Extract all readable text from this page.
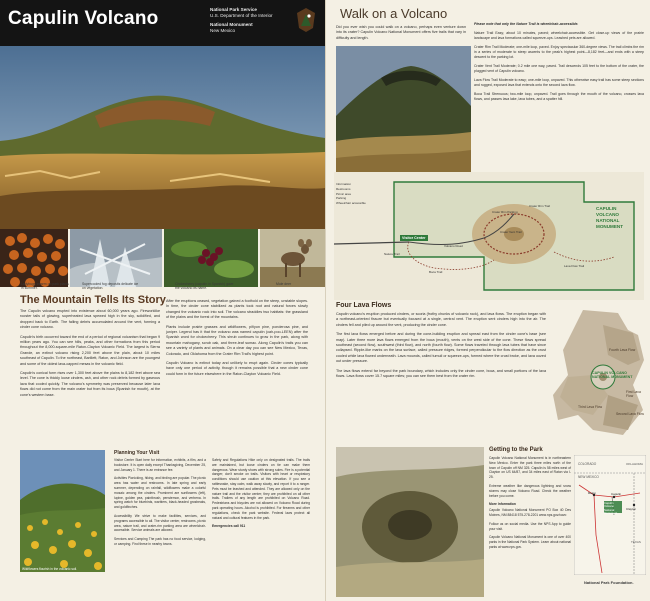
Capulin Volcano	National Park Service
U.S. Department of the Interior
National Monument
New Mexico
Ladybugs swarm on park plants in summer.
Supercooled fog deposits delicate ice on vegetation.
Chokecherry (capulín in Spanish) gave the volcano its name.
Mule deer
The Mountain Tells Its Story

The Capulin volcano erupted into existence about 60,000 years ago. Fireworklike rooster tails of glowing, superheated lava spewed high in the sky, solidified, and dropped back to Earth. The falling debris accumulated around the vent, forming a cinder cone volcano.

Capulin's birth occurred toward the end of a period of regional volcanism that began 9 million years ago. You can see hills, peaks, and other formations from this period throughout the 8,000-square-mile Raton-Clayton Volcanic Field. The largest is Sierra Grande, an extinct volcano rising 2,200 feet above the plain, about 10 miles southeast of Capulin. To the northeast, Barillett, Raton, and Johnson are the youngest and some of the oldest lava-capped mesas in the volcanic field.

Capulin's conical form rises over 1,300 feet above the plains to 8,182 feet above sea level. The cone is thickly loose cinders, ash, and other rock debris formed by gaseous lava that cooled quickly. The volcano's symmetry was preserved because later lava flows did not come from the main crater but from its boca (Spanish for mouth), at the cone's western base.

After the eruptions ceased, vegetation gained a foothold on the steep, unstable slopes. In time, the cinder cone stabilized as plants took root and natural forces slowly changed the volcanic rock into soil. The volcano straddles two habitats: the grassland of the plains and the forest of the mountains.

Plants include prairie grasses and wildflowers, piñyon pine, ponderosa pine, and juniper. Legend has it that the volcano was named capulín (cah-poo-LEEN) after the Spanish word for chokecherry. This shrub continues to grow in the park, along with mountain mahogany, scrub oak, and three-leaf sumac. Along Capulin's trails you can see a variety of plants and animals. On a clear day you can see New Mexico, Texas, Colorado, and Oklahoma from the Crater Rim Trail's highest point.

Capulin Volcano is extinct today and unlikely to erupt again. Cinder cones typically have only one period of activity, though it remains possible that a new cinder cone could form in the future elsewhere in the Raton-Clayton Volcanic Field.

Wildflowers flourish in the volcanic soil.
Planning Your Visit

Visitor Center Start here for information, exhibits, a film, and a bookstore. It is open daily except Thanksgiving, December 25, and January 1. There is an entrance fee.

Activities Picnicking, hiking, and birding are popular. The picnic area has water and restrooms. In late spring and early summer, depending on rainfall, wildflowers make a colorful mosaic among the cinders. Prominent are sunflowers (left), lupine, golden pea, paintbrush, penstemon, and verbena. In spring watch for bluebirds, warblers, black-headed grosbeaks, and goldfinches.

Accessibility We strive to make facilities, services, and programs accessible to all. The visitor center, restrooms, picnic area, nature trail, and crater-rim parking area are wheelchair-accessible. Service animals are allowed.

Services and Camping The park has no food service, lodging, or camping. Find these in nearby towns.

Safety and Regulations Hike only on designated trails. The trails are maintained, but loose cinders on tie can make them dangerous. Wear sturdy shoes with strong soles. Fire is a potential danger; don't smoke on trails. Visitors with heart or respiratory conditions should use caution at this elevation. If you see a rattlesnake, stay calm, walk away slowly, and report it to a ranger. Pets must be leashed and attended. They are allowed only on the nature trail and the visitor center; they are prohibited on all other trails. Trailers of any length are prohibited on Volcano Road. Pedestrians and bicycles are not allowed on Volcano Road during park operating hours. Alcohol is prohibited. For firearms and other regulations, check the park website. Federal laws protect all natural and cultural features in the park.

Emergencies call 911

Walk on a Volcano

Did you ever wish you could walk on a volcano, perhaps even venture down into its crater? Capulin Volcano National Monument offers five trails that vary in difficulty and length.

Please note that only the Nature Trail is wheelchair-accessible.

Nature Trail Easy; about 10 minutes, paved; wheelchair-accessible. Get close-up views of the prairie landscape and lava formations called squeeze-ups. Leashed pets are allowed.

Crater Rim Trail Moderate; one-mile loop, paved. Enjoy spectacular 360-degree views. The trail climbs the rim in a series of moderate to steep ascents to the peak's highest point—8,182 feet—and ends with a steep descent to the parking lot.

Crater Vent Trail Moderate; 0.2 mile one way, paved. Trail descends 105 feet to the bottom of the crater, the plugged vent of Capulin volcano.

Lava Flow Trail Moderate to easy; one-mile loop, unpaved. This otherwise easy trail has some steep sections and rugged, exposed lava that extends onto the second lava flow.

Boca Trail Strenuous; two-mile loop, unpaved. Trail goes through the mouth of the volcano, crosses lava flows, and passes lava lake, lava tubes, and a spatter hill.

Information
Restrooms
Picnic area
Parking
Wheelchair accessible
CAPULIN
VOLCANO
NATIONAL
MONUMENT
Visitor Center
Crater Rim Trail
Crater Vent Trail
Boca Trail
Lava Flow Trail
Volcano Road
Nature Trail
Crater Rim Parking
Four Lava Flows

Capulin volcano's eruption produced cinders, or scoria (frothy chunks of volcanic rock), and lava flows. The eruption began with a northeast-oriented fissure but eventually focused at a single, central vent. The eruption sent cinders high into the air. The cinders fell and piled up around the vent, producing the cinder cone.

The first lava flows emerged before and during the cone-building eruption and spread east from the cinder cone's base (see map). Later three more lava flows emerged from the boca (mouth), vents on the west side of the cone. These flows spread southeast (second flow), southwest (third flow), and north (fourth flow). Some flows traveled through lava tubes that have since collapsed. Ripple-like marks on the lava surface, called pressure ridges, formed perpendicular to the flow direction as the crust cooled while lava flowed underneath. Lava mounds, called tumuli or squeeze-ups, formed where the crust broke, and lava oozed out under pressure.

The lava flows extend far beyond the park boundary, which includes only the cinder cone, boca, and small portions of the lava flows. Lava flows cover 15.7 square miles; you can see them best from the crater rim.

Fourth Lava Flow
CAPULIN VOLCANO NATIONAL MONUMENT
Third Lava Flow
Second Lava Flow
First Lava Flow
Getting to the Park

Capulin Volcano National Monument is in northeastern New Mexico. Enter the park three miles north of the town of Capulin off NM 325. Capulin is 58 miles west of Clayton on US 64/87, and 34 miles east of Raton via I-25.

Extreme weather like dangerous lightning and snow storms may close Volcano Road. Check the weather before you come.

More Information

Capulin Volcano National Monument PO Box 40 Des Moines, NM 88418 575-278-2201 www.nps.gov/cavo

Follow us on social media. Use the NPS App to guide your visit.

Capulin Volcano National Monument is one of over 400 parks in the National Park System. Learn about national parks at www.nps.gov.

COLORADO
NEW MEXICO
Raton	Capulin
Capulin Volcano National Monument
Clayton
OKLAHOMA
TEXAS
National Park Foundation.
